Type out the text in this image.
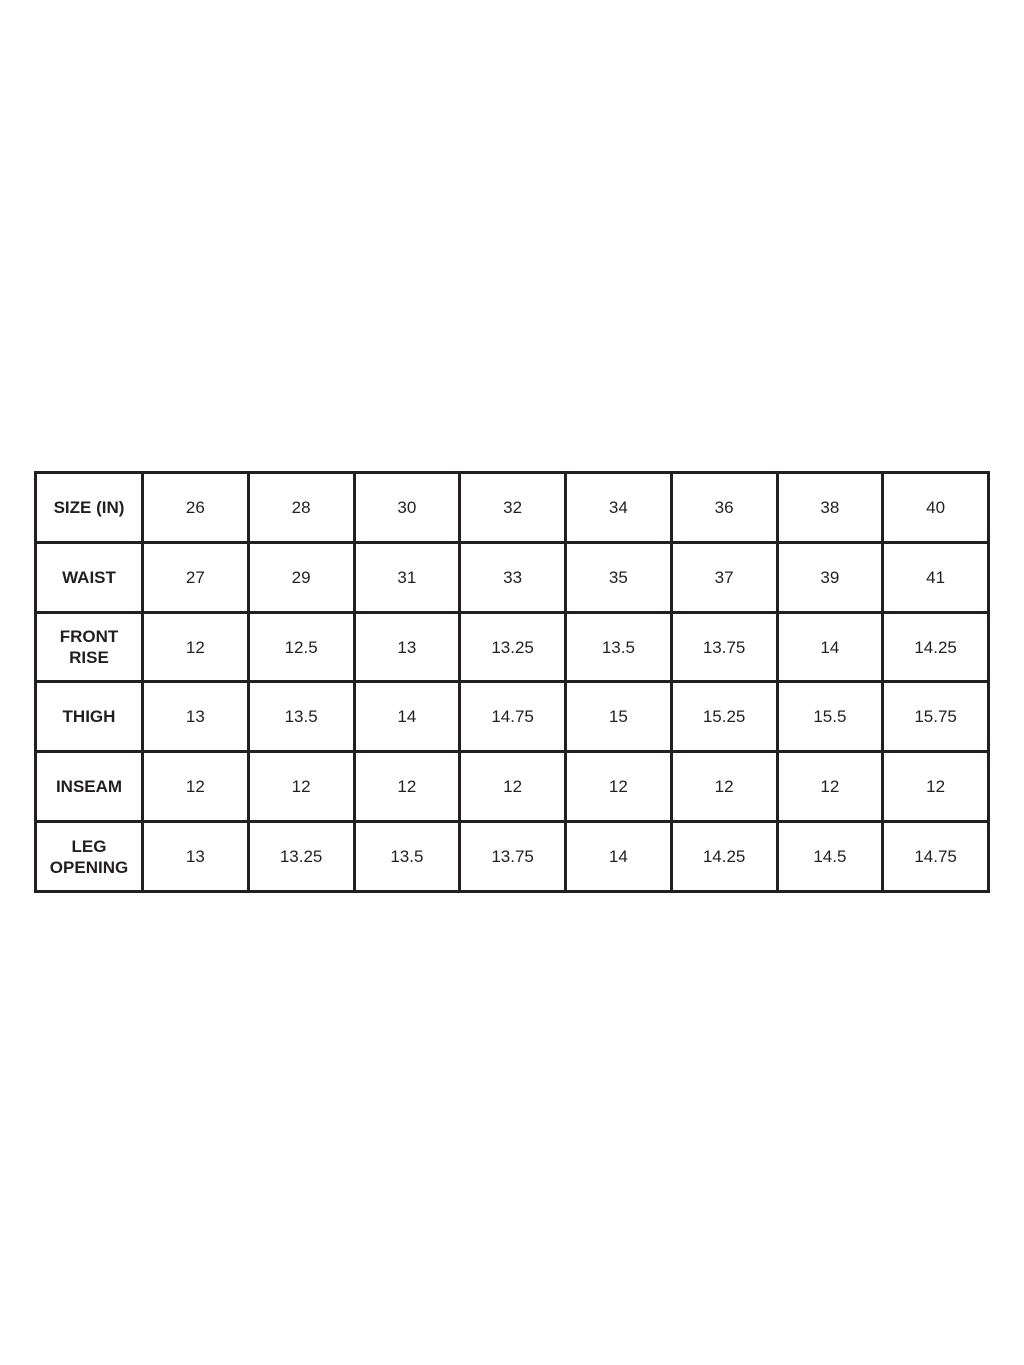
SIZE (IN)	26	28	30	32	34	36	38	40
WAIST	27	29	31	33	35	37	39	41
FRONT
RISE	12	12.5	13	13.25	13.5	13.75	14	14.25
THIGH	13	13.5	14	14.75	15	15.25	15.5	15.75
INSEAM	12	12	12	12	12	12	12	12
LEG
OPENING	13	13.25	13.5	13.75	14	14.25	14.5	14.75
